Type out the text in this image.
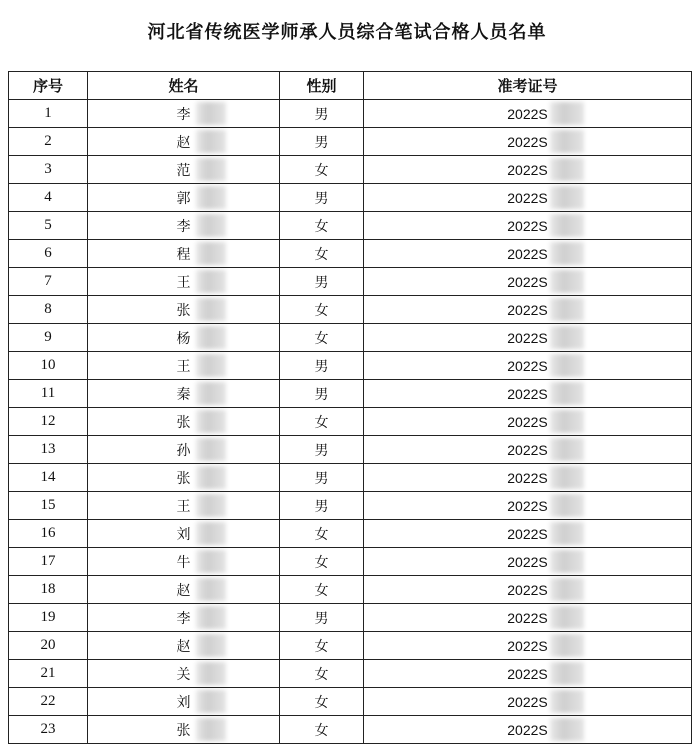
河北省传统医学师承人员综合笔试合格人员名单
序号	姓名	性别	准考证号
1	李	男	2022S

2	赵	男	2022S

3	范	女	2022S

4	郭	男	2022S

5	李	女	2022S

6	程	女	2022S

7	王	男	2022S

8	张	女	2022S

9	杨	女	2022S

10	王	男	2022S

11	秦	男	2022S

12	张	女	2022S

13	孙	男	2022S

14	张	男	2022S

15	王	男	2022S

16	刘	女	2022S

17	牛	女	2022S

18	赵	女	2022S

19	李	男	2022S

20	赵	女	2022S

21	关	女	2022S

22	刘	女	2022S

23	张	女	2022S
